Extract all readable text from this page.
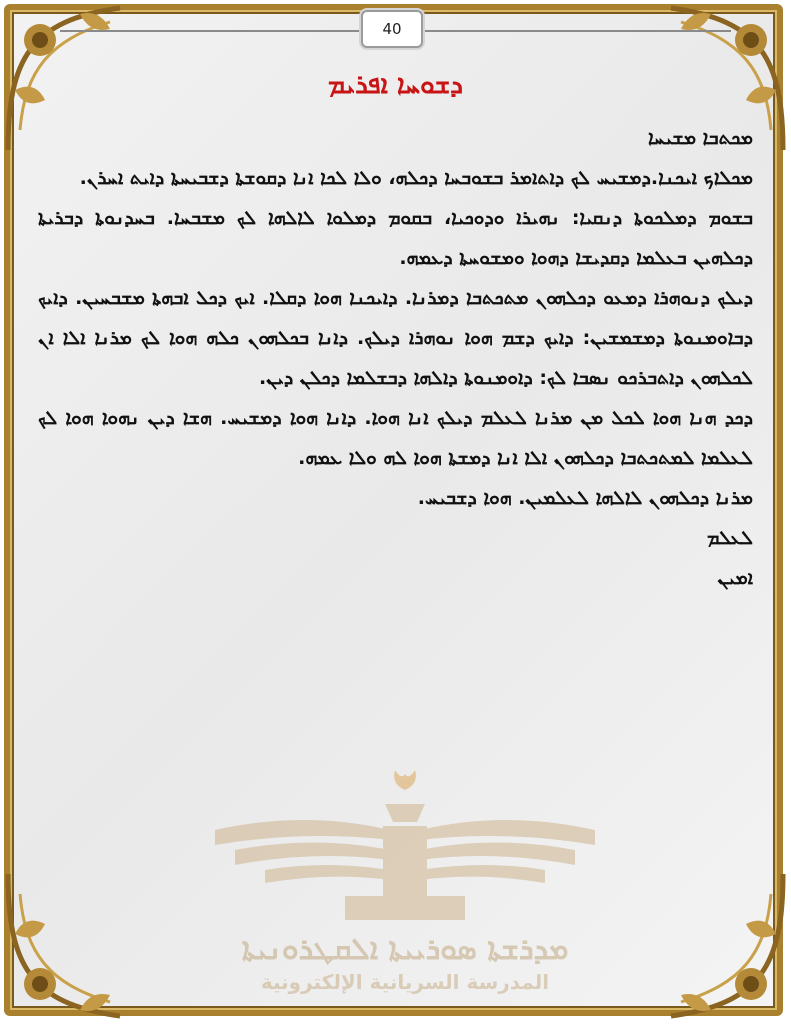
40
ܕܫܘܚܐ ܐܦܪܝܡ

ܡܟܬܒܐ ܡܫܝܚܐ

ܡܟܠܐܟ ܐܝܟܢܐ.ܕܡܫܝܚ ܠܟ ܕܐܬܐܡܪ ܒܫܘܒܚܐ ܕܟܠܗ، ܘܠܐ ܠܟܐ ܐܢܐ ܕܩܘܫܬܐ ܕܫܒܝܚܬܐ ܕܐܝܬ ܐܚܪܢ.

ܒܫܘܡ ܕܡܠܟܘܬܐ ܕܢܩܝܐ: ܢܗܝܪܐ ܘܕܘܟܝܐ، ܒܩܘܡ ܕܡܠܘܐ ܠܐܠܗܐ ܠܟ ܡܫܒܚܐ. ܒܚܕܢܘܬܐ ܕܒܪܝܬܐ ܕܟܠܗܝܢ ܒܥܠܡܐ ܕܩܕܝܫܐ ܕܗܘܐ ܘܡܫܘܚܬܐ ܕܥܡܗ.

ܕܝܠܟ ܕܢܘܗܪܐ ܕܡܥܘ ܕܟܠܗܘܢ ܡܬܟܬܒܐ ܕܡܪܢܐ. ܕܐܝܟܢܐ ܗܘܐ ܕܩܠܐ. ܐܝܟ ܕܟܠ ܐܒܗܬܐ ܡܫܒܚܝܢ. ܕܐܝܟ ܕܒܐܘܡܢܘܬܐ ܕܡܫܡܫܝܢ: ܕܐܝܟ ܕܫܡ ܗܘܐ ܢܘܗܪܐ ܕܝܠܟ. ܕܐܢܐ ܒܟܠܗܘܢ ܟܠܗ ܗܘܐ ܠܟ ܡܪܢܐ ܐܠܐ ܐܢ ܠܟܠܗܘܢ ܕܐܬܒܪܟܘ ܢܣܒܐ ܠܟ: ܕܐܘܡܢܘܬܐ ܕܐܠܗܐ ܕܒܫܠܡܐ ܕܟܠܢ ܕܝܢ.

ܕܟܕ ܗܢܐ ܗܘܐ ܠܟܠ ܡܢ ܡܪܢܐ ܠܥܠܡ ܕܝܠܟ ܐܢܐ ܗܘܐ. ܕܐܢܐ ܗܘܐ ܕܡܫܝܚ. ܗܫܐ ܕܝܢ ܢܗܘܐ ܗܘܐ ܠܟ ܠܥܠܡܐ ܠܡܬܟܬܒܐ ܕܟܠܗܘܢ ܐܠܐ ܐܢܐ ܕܡܫܬܐ ܗܘܐ ܠܗ ܘܠܐ ܥܡܗ.

ܡܪܢܐ ܕܟܠܗܘܢ ܠܐܠܗܐ ܠܥܠܡܝܢ. ܗܘܐ ܕܫܒܝܚ.

ܠܥܠܡ

ܐܡܝܢ

ܡܕܪܫܬܐ ܣܘܪܝܝܬܐ ܐܠܩܛܪܘܢܝܬܐ
المدرسة السريانية الإلكترونية
